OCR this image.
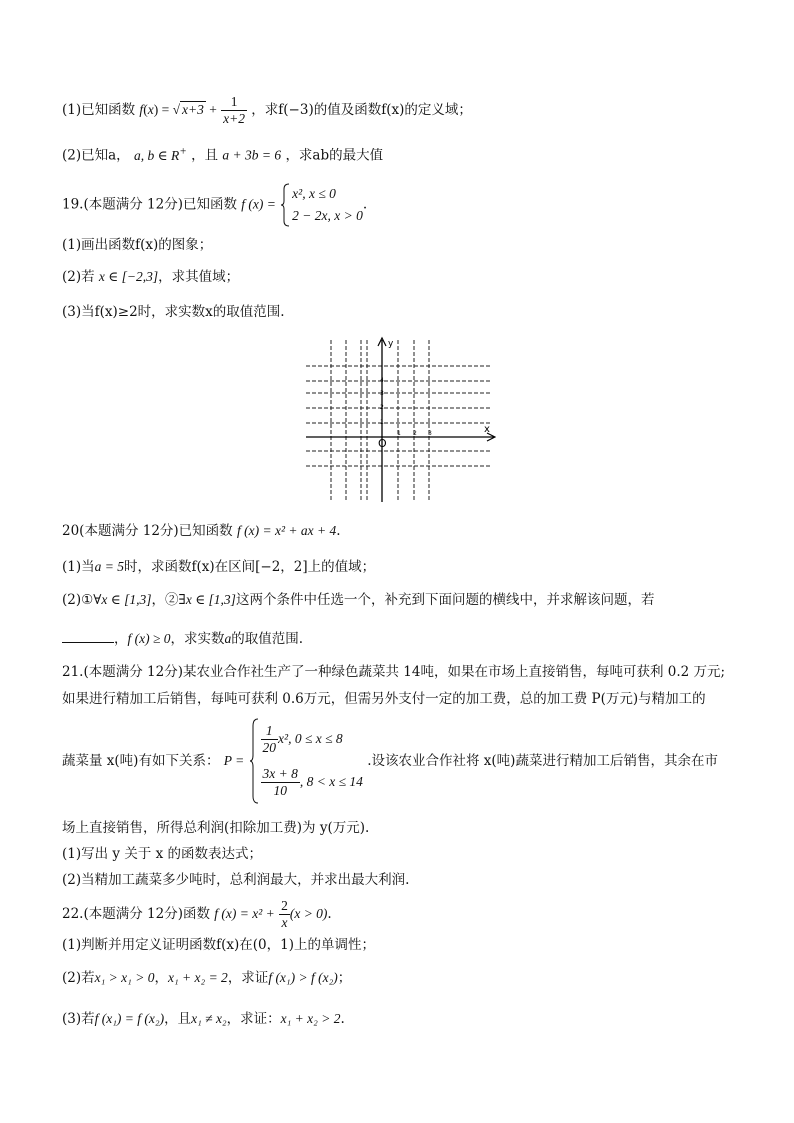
(1)已知函数 f(x) = √ $x+3 + \frac{1}{x+2}$ ，求f(−3)的值及函数f(x)的定义域；
(2)已知a， a, b ∈ R+ ，且 a + 3b = 6 ，求ab的最大值
19.(本题满分 12分)已知函数 f (x) =
x², x ≤ 0
2 − 2x, x > 0
.
(1)画出函数f(x)的图象；
(2)若 x ∈ [−2,3]，求其值域；
(3)当f(x)≥2时，求实数x的取值范围.
y
x
O
1 2 3
4
3
2
1
20(本题满分 12分)已知函数 f (x) = x² + ax + 4.
(1)当a = 5时，求函数f(x)在区间[−2，2]上的值域；
(2)①∀x ∈ [1,3]，②∃x ∈ [1,3]这两个条件中任选一个，补充到下面问题的横线中，并求解该问题，若
，f (x) ≥ 0，求实数a的取值范围.
21.(本题满分 12分)某农业合作社生产了一种绿色蔬菜共 14吨，如果在市场上直接销售，每吨可获利 0.2 万元;
如果进行精加工后销售，每吨可获利 0.6万元，但需另外支付一定的加工费，总的加工费 P(万元)与精加工的
蔬菜量 x(吨)有如下关系： P =
$\frac{1}{20} x^2$, 0 ≤ x ≤ 8
$\frac{3x + 8}{10}$ , 8 < x ≤ 14
.设该农业合作社将 x(吨)蔬菜进行精加工后销售，其余在市
场上直接销售，所得总利润(扣除加工费)为 y(万元).
(1)写出 y 关于 x 的函数表达式；
(2)当精加工蔬菜多少吨时，总利润最大，并求出最大利润.
22.(本题满分 12分)函数 f $(x) = x^2 + \frac{2}{x} (x > 0)$.
(1)判断并用定义证明函数f(x)在(0，1)上的单调性；
(2)若x₁ > x₁ > 0，x₁ + x₂ = 2，求证f (x₁) > f (x₂)；
(3)若f (x₁) = f (x₂)，且x₁ ≠ x₂，求证：x₁ + x₂ > 2.
